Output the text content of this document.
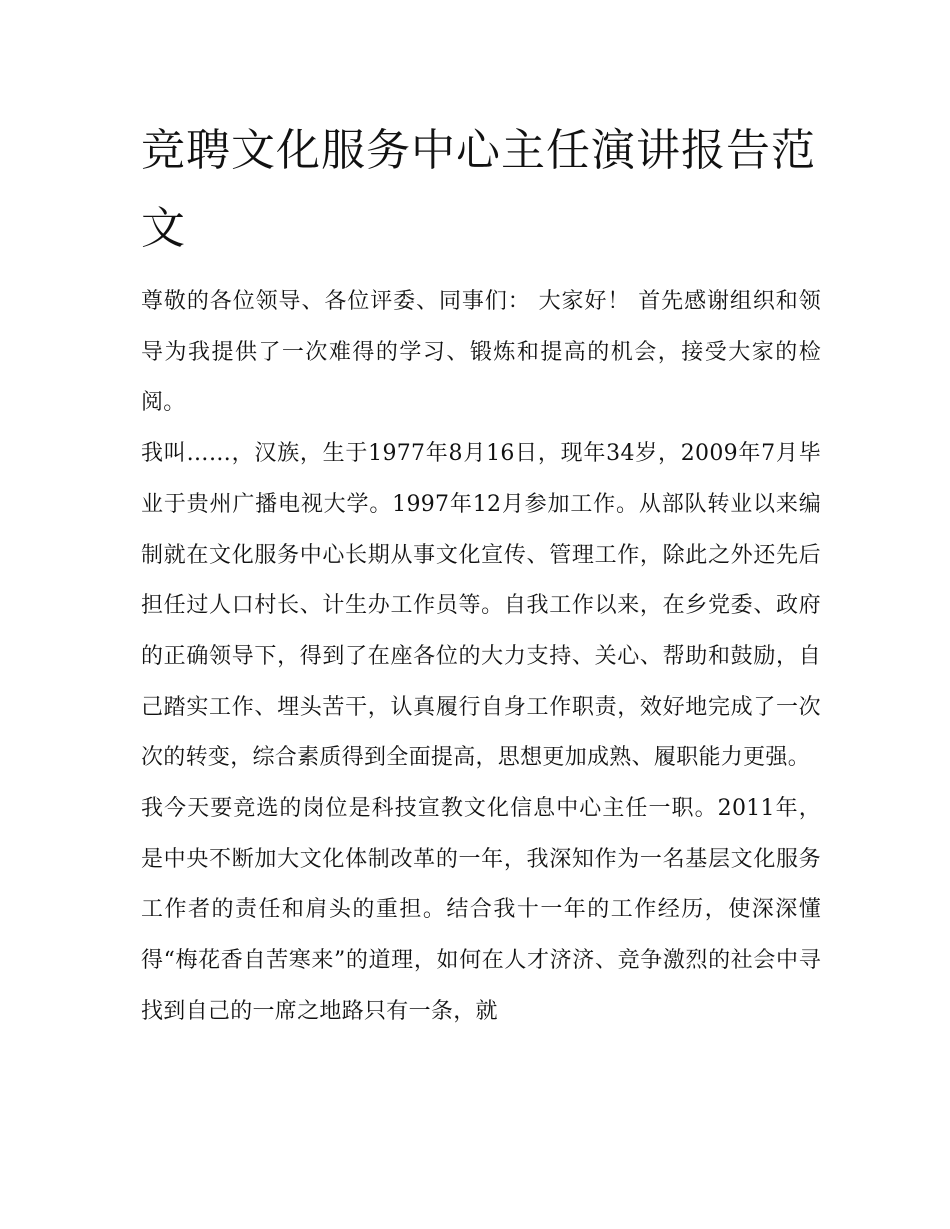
竞聘文化服务中心主任演讲报告范文

尊敬的各位领导、各位评委、同事们： 大家好！ 首先感谢组织和领导为我提供了一次难得的学习、锻炼和提高的机会，接受大家的检阅。

我叫……，汉族，生于1977年8月16日，现年34岁，2009年7月毕业于贵州广播电视大学。1997年12月参加工作。从部队转业以来编制就在文化服务中心长期从事文化宣传、管理工作，除此之外还先后担任过人口村长、计生办工作员等。自我工作以来，在乡党委、政府的正确领导下，得到了在座各位的大力支持、关心、帮助和鼓励，自己踏实工作、埋头苦干，认真履行自身工作职责，效好地完成了一次次的转变，综合素质得到全面提高，思想更加成熟、履职能力更强。

我今天要竞选的岗位是科技宣教文化信息中心主任一职。2011年，是中央不断加大文化体制改革的一年，我深知作为一名基层文化服务工作者的责任和肩头的重担。结合我十一年的工作经历，使深深懂得“梅花香自苦寒来”的道理，如何在人才济济、竞争激烈的社会中寻找到自己的一席之地路只有一条，就
